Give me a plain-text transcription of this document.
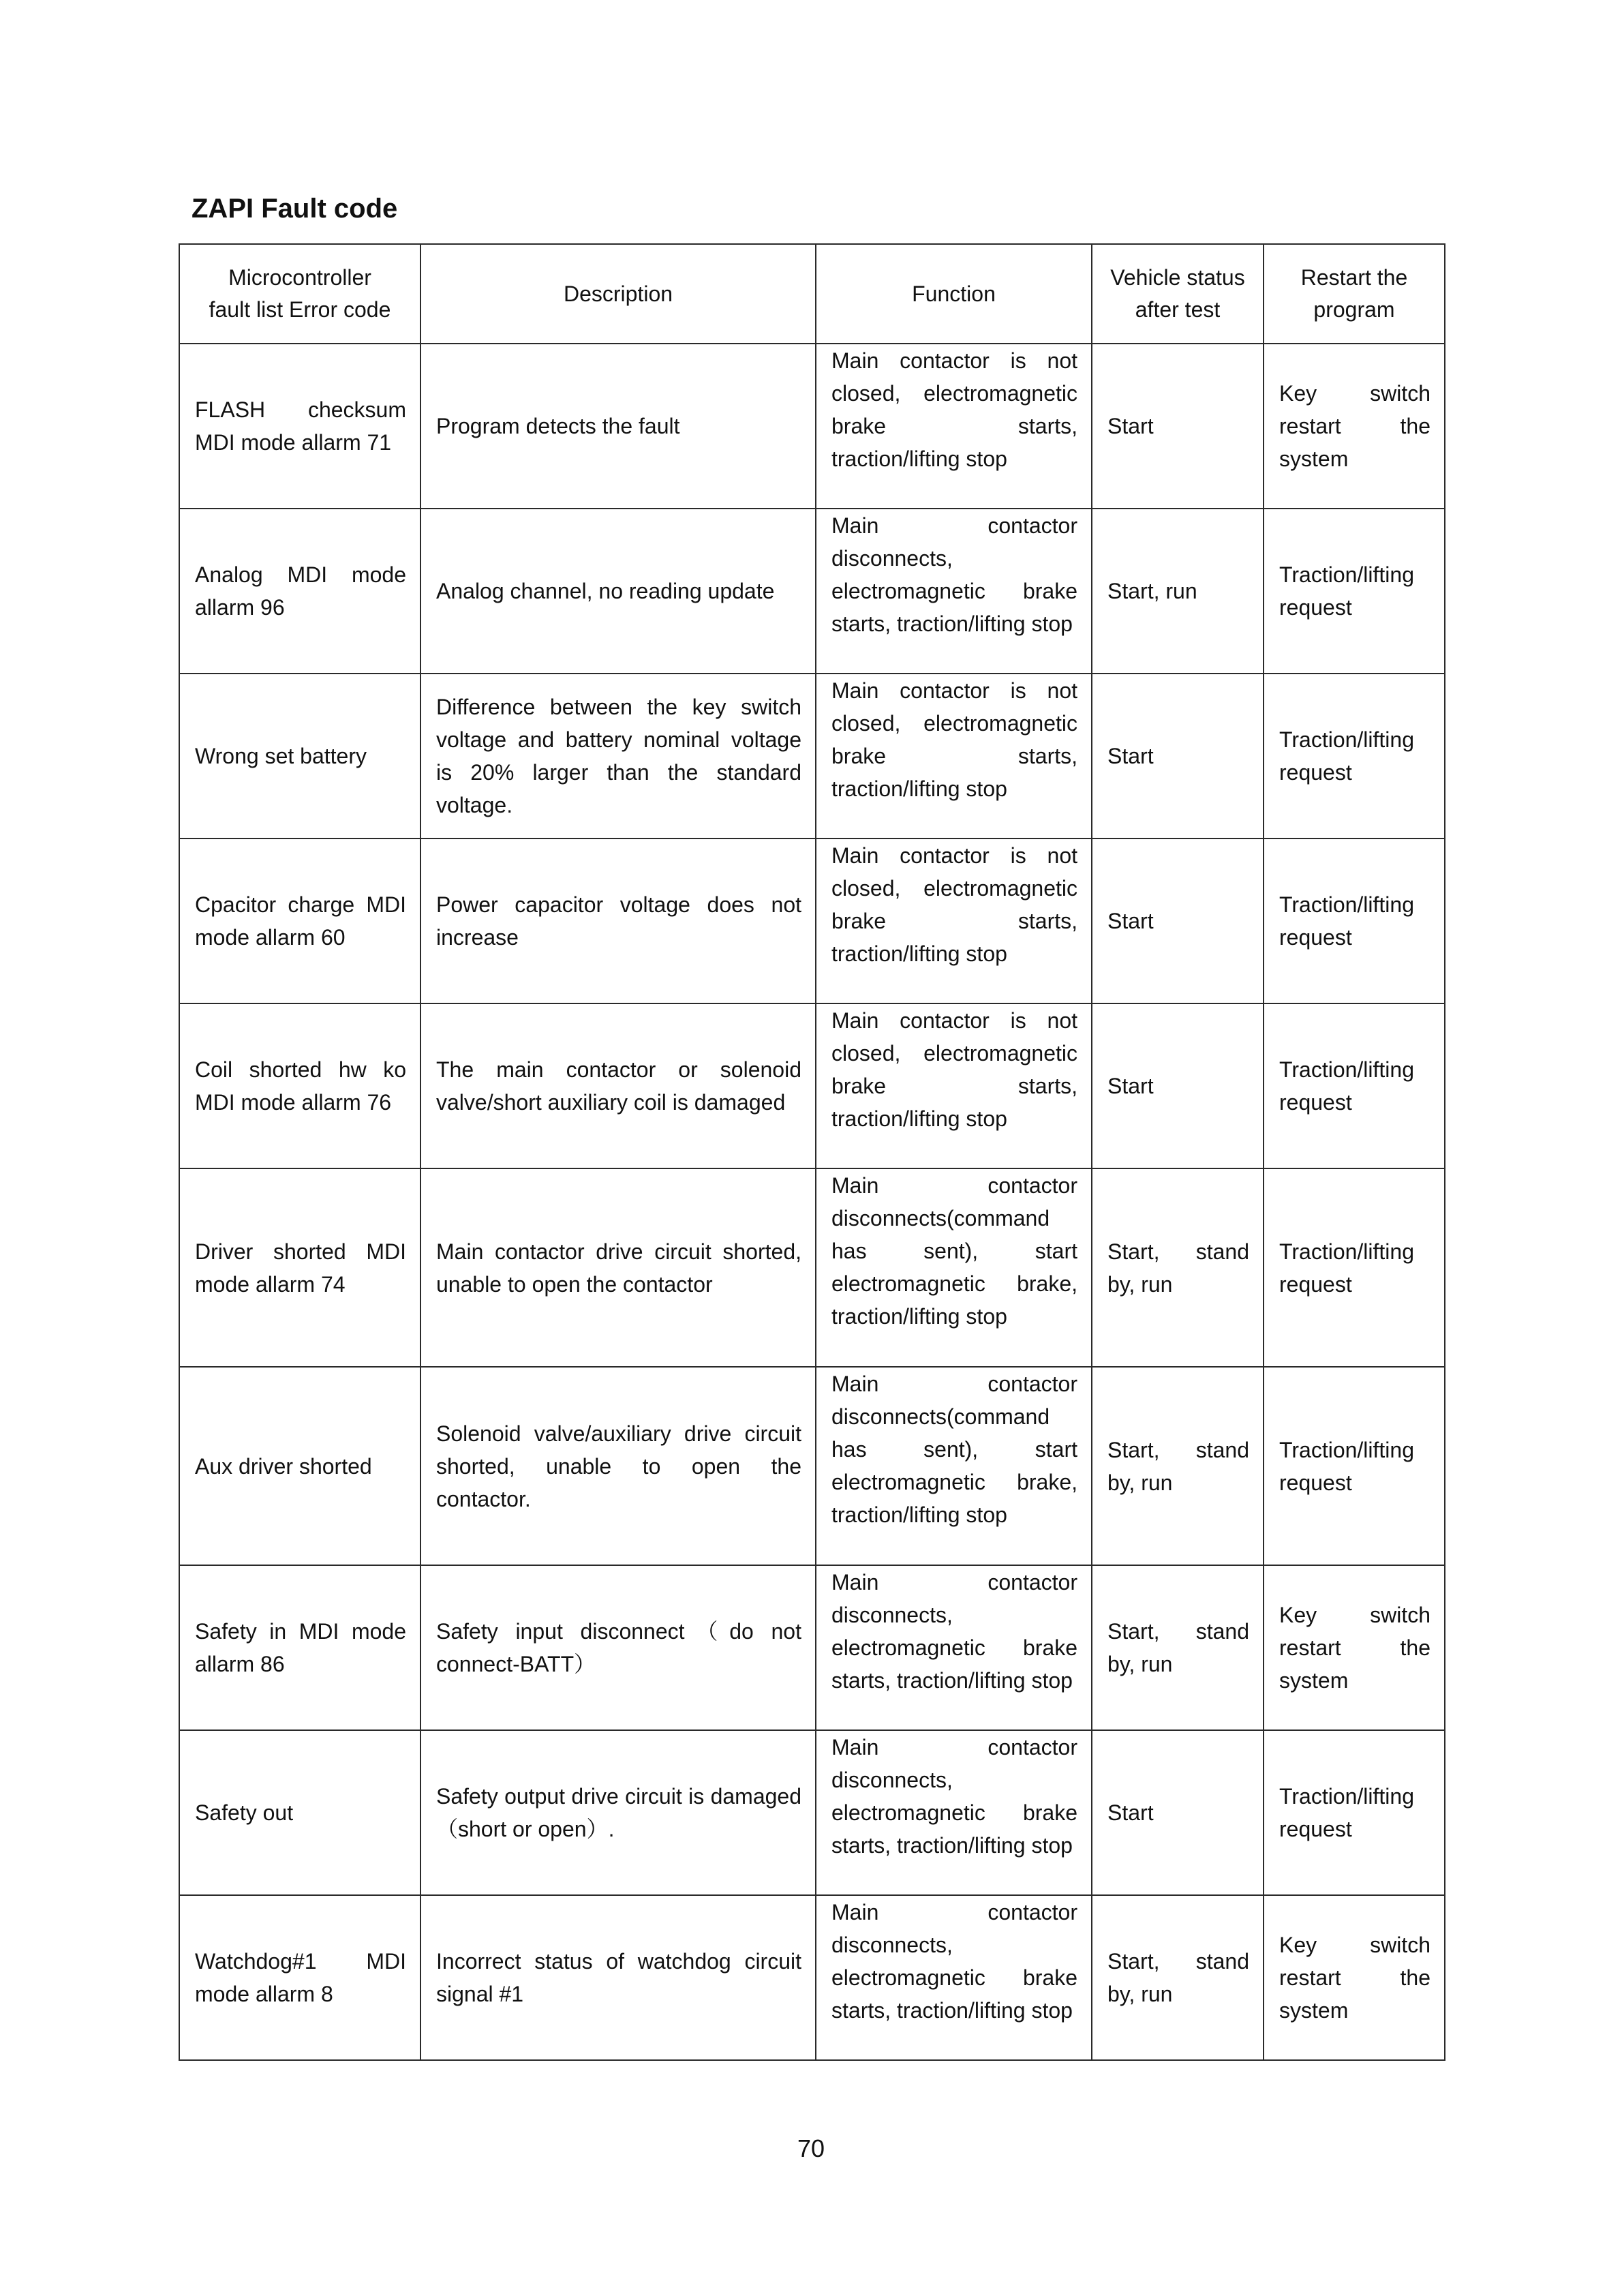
ZAPI Fault code
Microcontroller fault list Error code	Description	Function	Vehicle status after test	Restart the program
FLASH checksum MDI mode allarm 71	Program detects the fault	Main contactor is not closed, electromagnetic brake starts, traction/lifting stop	Start	Key switch restart the system
Analog MDI mode allarm 96	Analog channel, no reading update	Main contactor disconnects, electromagnetic brake starts, traction/lifting stop	Start, run	Traction/lifting request
Wrong set battery	Difference between the key switch voltage and battery nominal voltage is 20% larger than the standard voltage.	Main contactor is not closed, electromagnetic brake starts, traction/lifting stop	Start	Traction/lifting request
Cpacitor charge MDI mode allarm 60	Power capacitor voltage does not increase	Main contactor is not closed, electromagnetic brake starts, traction/lifting stop	Start	Traction/lifting request
Coil shorted hw ko MDI mode allarm 76	The main contactor or solenoid valve/short auxiliary coil is damaged	Main contactor is not closed, electromagnetic brake starts, traction/lifting stop	Start	Traction/lifting request
Driver shorted MDI mode allarm 74	Main contactor drive circuit shorted, unable to open the contactor	Main contactor disconnects(command has sent), start electromagnetic brake, traction/lifting stop	Start, stand by, run	Traction/lifting request
Aux driver shorted	Solenoid valve/auxiliary drive circuit shorted, unable to open the contactor.	Main contactor disconnects(command has sent), start electromagnetic brake, traction/lifting stop	Start, stand by, run	Traction/lifting request
Safety in MDI mode allarm 86	Safety input disconnect（do not connect-BATT）	Main contactor disconnects, electromagnetic brake starts, traction/lifting stop	Start, stand by, run	Key switch restart the system
Safety out	Safety output drive circuit is damaged （short or open）.	Main contactor disconnects, electromagnetic brake starts, traction/lifting stop	Start	Traction/lifting request
Watchdog#1 MDI mode allarm 8	Incorrect status of watchdog circuit signal #1	Main contactor disconnects, electromagnetic brake starts, traction/lifting stop	Start, stand by, run	Key switch restart the system
70
